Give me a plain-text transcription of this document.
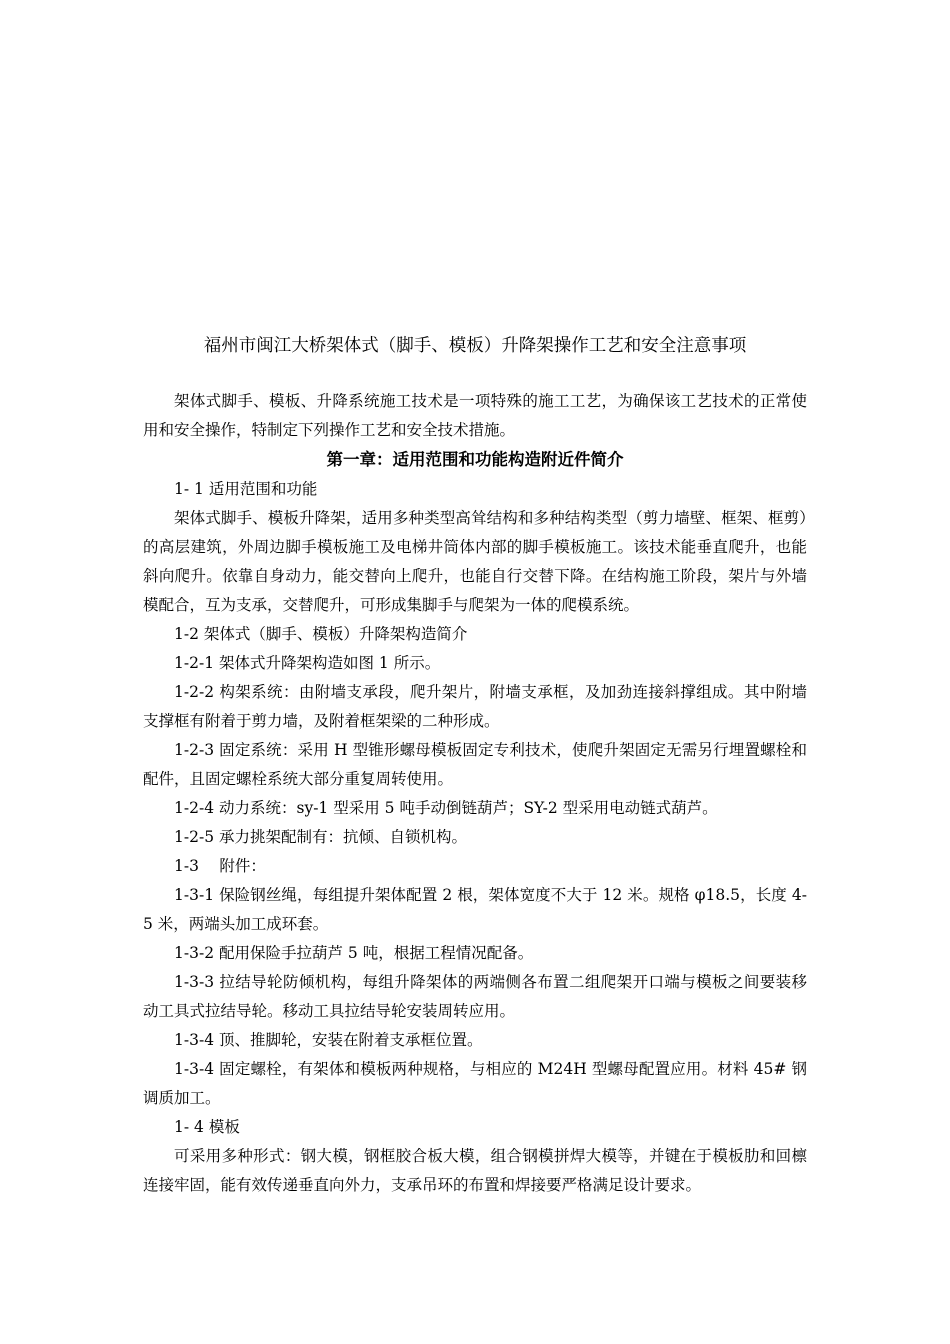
福州市闽江大桥架体式（脚手、模板）升降架操作工艺和安全注意事项

架体式脚手、模板、升降系统施工技术是一项特殊的施工工艺，为确保该工艺技术的正常使用和安全操作，特制定下列操作工艺和安全技术措施。

第一章：适用范围和功能构造附近件简介

1- 1 适用范围和功能

架体式脚手、模板升降架，适用多种类型高耸结构和多种结构类型（剪力墙壁、框架、框剪）的高层建筑，外周边脚手模板施工及电梯井筒体内部的脚手模板施工。该技术能垂直爬升，也能斜向爬升。依靠自身动力，能交替向上爬升，也能自行交替下降。在结构施工阶段，架片与外墙模配合，互为支承，交替爬升，可形成集脚手与爬架为一体的爬模系统。

1-2 架体式（脚手、模板）升降架构造简介

1-2-1 架体式升降架构造如图 1 所示。

1-2-2 构架系统：由附墙支承段，爬升架片，附墙支承框，及加劲连接斜撑组成。其中附墙支撑框有附着于剪力墙，及附着框架梁的二种形成。

1-2-3 固定系统：采用 H 型锥形螺母模板固定专利技术，使爬升架固定无需另行埋置螺栓和配件，且固定螺栓系统大部分重复周转使用。

1-2-4 动力系统：sy-1 型采用 5 吨手动倒链葫芦；SY-2 型采用电动链式葫芦。

1-2-5 承力挑架配制有：抗倾、自锁机构。

1-3　 附件：

1-3-1 保险钢丝绳，每组提升架体配置 2 根，架体宽度不大于 12 米。规格 φ18.5，长度 4-5 米，两端头加工成环套。

1-3-2 配用保险手拉葫芦 5 吨，根据工程情况配备。

1-3-3 拉结导轮防倾机构，每组升降架体的两端侧各布置二组爬架开口端与模板之间要装移动工具式拉结导轮。移动工具拉结导轮安装周转应用。

1-3-4 顶、推脚轮，安装在附着支承框位置。

1-3-4 固定螺栓，有架体和模板两种规格，与相应的 M24H 型螺母配置应用。材料 45# 钢调质加工。

1- 4 模板

可采用多种形式：钢大模，钢框胶合板大模，组合钢模拼焊大模等，并键在于模板肋和回檩连接牢固，能有效传递垂直向外力，支承吊环的布置和焊接要严格满足设计要求。
